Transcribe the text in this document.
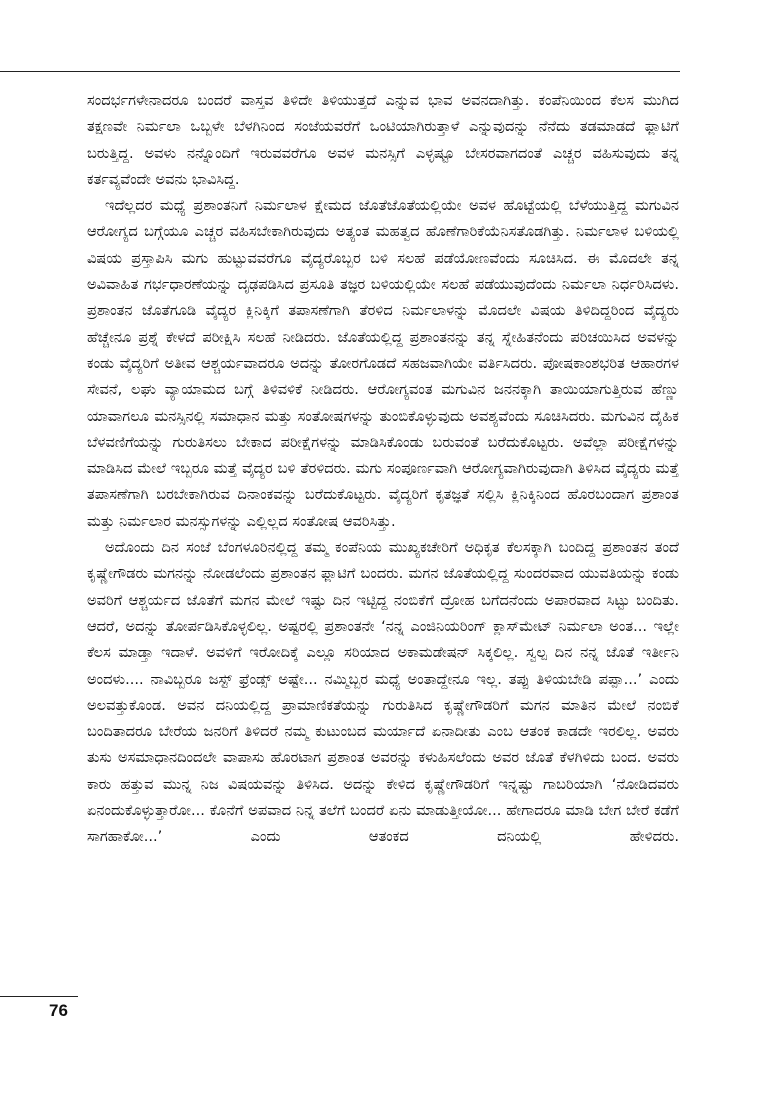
ಸಂದರ್ಭಗಳೇನಾದರೂ ಬಂದರೆ ವಾಸ್ತವ ತಿಳಿದೇ ತಿಳಿಯುತ್ತದೆ ಎನ್ನುವ ಭಾವ ಅವನದಾಗಿತ್ತು. ಕಂಪೆನಿಯಿಂದ ಕೆಲಸ ಮುಗಿದ ತಕ್ಷಣವೇ ನಿರ್ಮಲಾ ಒಬ್ಬಳೇ ಬೆಳಗಿನಿಂದ ಸಂಜೆಯವರೆಗೆ ಒಂಟಿಯಾಗಿರುತ್ತಾಳೆ ಎನ್ನುವುದನ್ನು ನೆನೆದು ತಡಮಾಡದೆ ಫ್ಲಾಟಿಗೆ ಬರುತ್ತಿದ್ದ. ಅವಳು ನನ್ನೊಂದಿಗೆ ಇರುವವರೆಗೂ ಅವಳ ಮನಸ್ಸಿಗೆ ಎಳ್ಳಷ್ಟೂ ಬೇಸರವಾಗದಂತೆ ಎಚ್ಚರ ವಹಿಸುವುದು ತನ್ನ ಕರ್ತವ್ಯವೆಂದೇ ಅವನು ಭಾವಿಸಿದ್ದ.

ಇದೆಲ್ಲದರ ಮಧ್ಯೆ ಪ್ರಶಾಂತನಿಗೆ ನಿರ್ಮಲಾಳ ಕ್ಷೇಮದ ಜೊತೆಜೊತೆಯಲ್ಲಿಯೇ ಅವಳ ಹೊಟ್ಟೆಯಲ್ಲಿ ಬೆಳೆಯುತ್ತಿದ್ದ ಮಗುವಿನ ಆರೋಗ್ಯದ ಬಗ್ಗೆಯೂ ಎಚ್ಚರ ವಹಿಸಬೇಕಾಗಿರುವುದು ಅತ್ಯಂತ ಮಹತ್ವದ ಹೊಣೆಗಾರಿಕೆಯೆನಿಸತೊಡಗಿತ್ತು. ನಿರ್ಮಲಾಳ ಬಳಿಯಲ್ಲಿ ವಿಷಯ ಪ್ರಸ್ತಾಪಿಸಿ ಮಗು ಹುಟ್ಟುವವರೆಗೂ ವೈದ್ಯರೊಬ್ಬರ ಬಳಿ ಸಲಹೆ ಪಡೆಯೋಣವೆಂದು ಸೂಚಿಸಿದ. ಈ ಮೊದಲೇ ತನ್ನ ಅವಿವಾಹಿತ ಗರ್ಭಧಾರಣೆಯನ್ನು ದೃಢಪಡಿಸಿದ ಪ್ರಸೂತಿ ತಜ್ಞರ ಬಳಿಯಲ್ಲಿಯೇ ಸಲಹೆ ಪಡೆಯುವುದೆಂದು ನಿರ್ಮಲಾ ನಿರ್ಧರಿಸಿದಳು. ಪ್ರಶಾಂತನ ಜೊತೆಗೂಡಿ ವೈದ್ಯರ ಕ್ಲಿನಿಕ್ಕಿಗೆ ತಪಾಸಣೆಗಾಗಿ ತೆರಳಿದ ನಿರ್ಮಲಾಳನ್ನು ಮೊದಲೇ ವಿಷಯ ತಿಳಿದಿದ್ದರಿಂದ ವೈದ್ಯರು ಹೆಚ್ಚೇನೂ ಪ್ರಶ್ನೆ ಕೇಳದೆ ಪರೀಕ್ಷಿಸಿ ಸಲಹೆ ನೀಡಿದರು. ಜೊತೆಯಲ್ಲಿದ್ದ ಪ್ರಶಾಂತನನ್ನು ತನ್ನ ಸ್ನೇಹಿತನೆಂದು ಪರಿಚಯಿಸಿದ ಅವಳನ್ನು ಕಂಡು ವೈದ್ಯರಿಗೆ ಅತೀವ ಆಶ್ಚರ್ಯವಾದರೂ ಅದನ್ನು ತೋರಗೊಡದೆ ಸಹಜವಾಗಿಯೇ ವರ್ತಿಸಿದರು. ಪೋಷಕಾಂಶಭರಿತ ಆಹಾರಗಳ ಸೇವನೆ, ಲಘು ವ್ಯಾಯಾಮದ ಬಗ್ಗೆ ತಿಳಿವಳಿಕೆ ನೀಡಿದರು. ಆರೋಗ್ಯವಂತ ಮಗುವಿನ ಜನನಕ್ಕಾಗಿ ತಾಯಿಯಾಗುತ್ತಿರುವ ಹೆಣ್ಣು ಯಾವಾಗಲೂ ಮನಸ್ಸಿನಲ್ಲಿ ಸಮಾಧಾನ ಮತ್ತು ಸಂತೋಷಗಳನ್ನು ತುಂಬಿಕೊಳ್ಳುವುದು ಅವಶ್ಯವೆಂದು ಸೂಚಿಸಿದರು. ಮಗುವಿನ ದೈಹಿಕ ಬೆಳವಣಿಗೆಯನ್ನು ಗುರುತಿಸಲು ಬೇಕಾದ ಪರೀಕ್ಷೆಗಳನ್ನು ಮಾಡಿಸಿಕೊಂಡು ಬರುವಂತೆ ಬರೆದುಕೊಟ್ಟರು. ಅವೆಲ್ಲಾ ಪರೀಕ್ಷೆಗಳನ್ನು ಮಾಡಿಸಿದ ಮೇಲೆ ಇಬ್ಬರೂ ಮತ್ತೆ ವೈದ್ಯರ ಬಳಿ ತೆರಳಿದರು. ಮಗು ಸಂಪೂರ್ಣವಾಗಿ ಆರೋಗ್ಯವಾಗಿರುವುದಾಗಿ ತಿಳಿಸಿದ ವೈದ್ಯರು ಮತ್ತೆ ತಪಾಸಣೆಗಾಗಿ ಬರಬೇಕಾಗಿರುವ ದಿನಾಂಕವನ್ನು ಬರೆದುಕೊಟ್ಟರು. ವೈದ್ಯರಿಗೆ ಕೃತಜ್ಞತೆ ಸಲ್ಲಿಸಿ ಕ್ಲಿನಿಕ್ಕಿನಿಂದ ಹೊರಬಂದಾಗ ಪ್ರಶಾಂತ ಮತ್ತು ನಿರ್ಮಲಾರ ಮನಸ್ಸುಗಳನ್ನು ಎಲ್ಲಿಲ್ಲದ ಸಂತೋಷ ಆವರಿಸಿತ್ತು.

ಅದೊಂದು ದಿನ ಸಂಜೆ ಬೆಂಗಳೂರಿನಲ್ಲಿದ್ದ ತಮ್ಮ ಕಂಪೆನಿಯ ಮುಖ್ಯಕಚೇರಿಗೆ ಅಧಿಕೃತ ಕೆಲಸಕ್ಕಾಗಿ ಬಂದಿದ್ದ ಪ್ರಶಾಂತನ ತಂದೆ ಕೃಷ್ಣೇಗೌಡರು ಮಗನನ್ನು ನೋಡಲೆಂದು ಪ್ರಶಾಂತನ ಫ್ಲಾಟಿಗೆ ಬಂದರು. ಮಗನ ಜೊತೆಯಲ್ಲಿದ್ದ ಸುಂದರವಾದ ಯುವತಿಯನ್ನು ಕಂಡು ಅವರಿಗೆ ಆಶ್ಚರ್ಯದ ಜೊತೆಗೆ ಮಗನ ಮೇಲೆ ಇಷ್ಟು ದಿನ ಇಟ್ಟಿದ್ದ ನಂಬಿಕೆಗೆ ದ್ರೋಹ ಬಗೆದನೆಂದು ಅಪಾರವಾದ ಸಿಟ್ಟು ಬಂದಿತು. ಆದರೆ, ಅದನ್ನು ತೋರ್ಪಡಿಸಿಕೊಳ್ಳಲಿಲ್ಲ. ಅಷ್ಟರಲ್ಲಿ ಪ್ರಶಾಂತನೇ ‘ನನ್ನ ಎಂಜಿನಿಯರಿಂಗ್ ಕ್ಲಾಸ್‌ಮೇಟ್ ನಿರ್ಮಲಾ ಅಂತ... ಇಲ್ಲೇ ಕೆಲಸ ಮಾಡ್ತಾ ಇದಾಳೆ. ಅವಳಿಗೆ ಇರೋದಿಕ್ಕೆ ಎಲ್ಲೂ ಸರಿಯಾದ ಅಕಾಮಡೇಷನ್ ಸಿಕ್ಕಲಿಲ್ಲ. ಸ್ವಲ್ಪ ದಿನ ನನ್ನ ಜೊತೆ ಇರ್ತೀನಿ ಅಂದಳು.... ನಾವಿಬ್ಬರೂ ಜಸ್ಟ್ ಫ್ರೆಂಡ್ಸ್ ಅಷ್ಟೇ... ನಮ್ಮಿಬ್ಬರ ಮಧ್ಯೆ ಅಂತಾದ್ದೇನೂ ಇಲ್ಲ. ತಪ್ಪು ತಿಳಿಯಬೇಡಿ ಪಪ್ಪಾ...’ ಎಂದು ಅಲವತ್ತುಕೊಂಡ. ಅವನ ದನಿಯಲ್ಲಿದ್ದ ಪ್ರಾಮಾಣಿಕತೆಯನ್ನು ಗುರುತಿಸಿದ ಕೃಷ್ಣೇಗೌಡರಿಗೆ ಮಗನ ಮಾತಿನ ಮೇಲೆ ನಂಬಿಕೆ ಬಂದಿತಾದರೂ ಬೇರೆಯ ಜನರಿಗೆ ತಿಳಿದರೆ ನಮ್ಮ ಕುಟುಂಬದ ಮರ್ಯಾದೆ ಏನಾದೀತು ಎಂಬ ಆತಂಕ ಕಾಡದೇ ಇರಲಿಲ್ಲ. ಅವರು ತುಸು ಅಸಮಾಧಾನದಿಂದಲೇ ವಾಪಾಸು ಹೊರಟಾಗ ಪ್ರಶಾಂತ ಅವರನ್ನು ಕಳುಹಿಸಲೆಂದು ಅವರ ಜೊತೆ ಕೆಳಗಿಳಿದು ಬಂದ. ಅವರು ಕಾರು ಹತ್ತುವ ಮುನ್ನ ನಿಜ ವಿಷಯವನ್ನು ತಿಳಿಸಿದ. ಅದನ್ನು ಕೇಳಿದ ಕೃಷ್ಣೇಗೌಡರಿಗೆ ಇನ್ನಷ್ಟು ಗಾಬರಿಯಾಗಿ ‘ನೋಡಿದವರು ಏನಂದುಕೊಳ್ಳುತ್ತಾರೋ... ಕೊನೆಗೆ ಅಪವಾದ ನಿನ್ನ ತಲೆಗೆ ಬಂದರೆ ಏನು ಮಾಡುತ್ತೀಯೋ... ಹೇಗಾದರೂ ಮಾಡಿ ಬೇಗ ಬೇರೆ ಕಡೆಗೆ ಸಾಗಹಾಕೋ...’ ಎಂದು ಆತಂಕದ ದನಿಯಲ್ಲಿ ಹೇಳಿದರು.

76
